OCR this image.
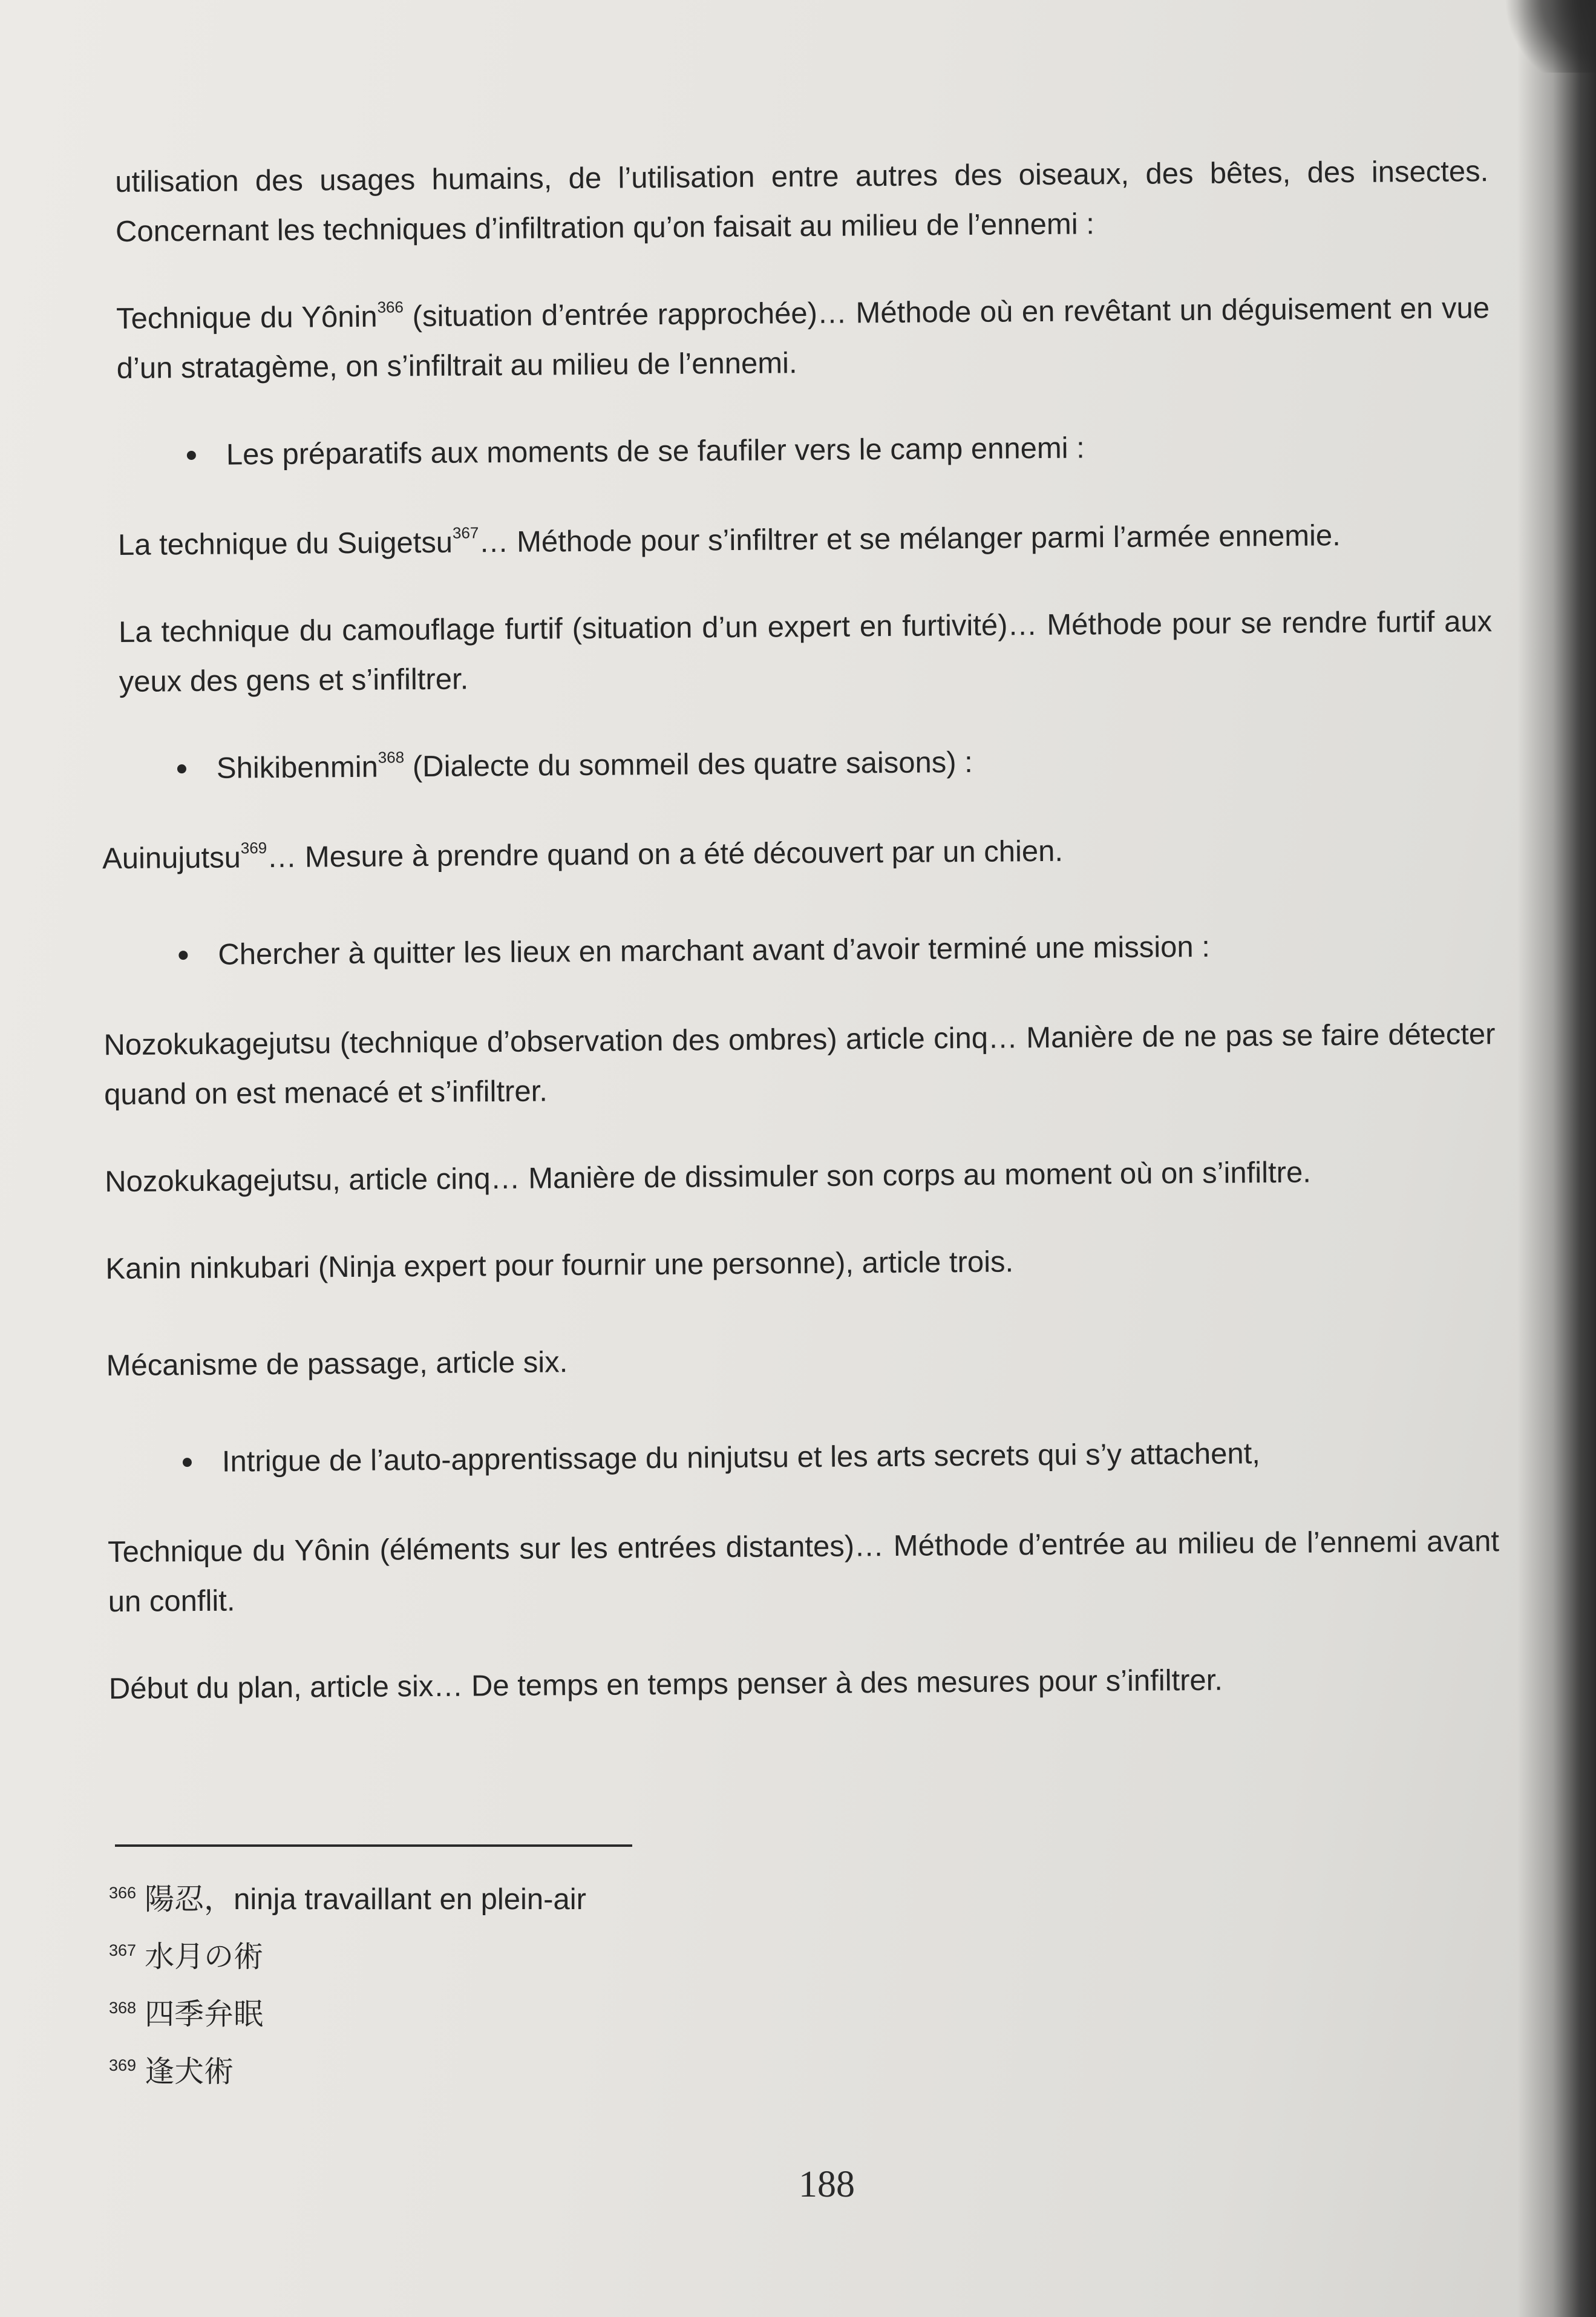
utilisation des usages humains, de l’utilisation entre autres des oiseaux, des bêtes, des insectes. Concernant les techniques d’infiltration qu’on faisait au milieu de l’ennemi :

Technique du Yônin$^{366}$ (situation d’entrée rapprochée)… Méthode où en revêtant un déguisement en vue d’un stratagème, on s’infiltrait au milieu de l’ennemi.

Les préparatifs aux moments de se faufiler vers le camp ennemi :

La technique du Suigetsu$^{367}$… Méthode pour s’infiltrer et se mélanger parmi l’armée ennemie.

La technique du camouflage furtif (situation d’un expert en furtivité)… Méthode pour se rendre furtif aux yeux des gens et s’infiltrer.

Shikibenmin$^{368}$ (Dialecte du sommeil des quatre saisons) :

Auinujutsu$^{369}$… Mesure à prendre quand on a été découvert par un chien.

Chercher à quitter les lieux en marchant avant d’avoir terminé une mission :

Nozokukagejutsu (technique d’observation des ombres) article cinq… Manière de ne pas se faire détecter quand on est menacé et s’infiltrer.

Nozokukagejutsu, article cinq… Manière de dissimuler son corps au moment où on s’infiltre.

Kanin ninkubari (Ninja expert pour fournir une personne), article trois.

Mécanisme de passage, article six.

Intrigue de l’auto-apprentissage du ninjutsu et les arts secrets qui s’y attachent,

Technique du Yônin (éléments sur les entrées distantes)… Méthode d’entrée au milieu de l’ennemi avant un conflit.

Début du plan, article six… De temps en temps penser à des mesures pour s’infiltrer.

$^{366}$ 陽忍，ninja travaillant en plein-air
$^{367}$ 水月の術
$^{368}$ 四季弁眠
$^{369}$ 逢犬術
188
